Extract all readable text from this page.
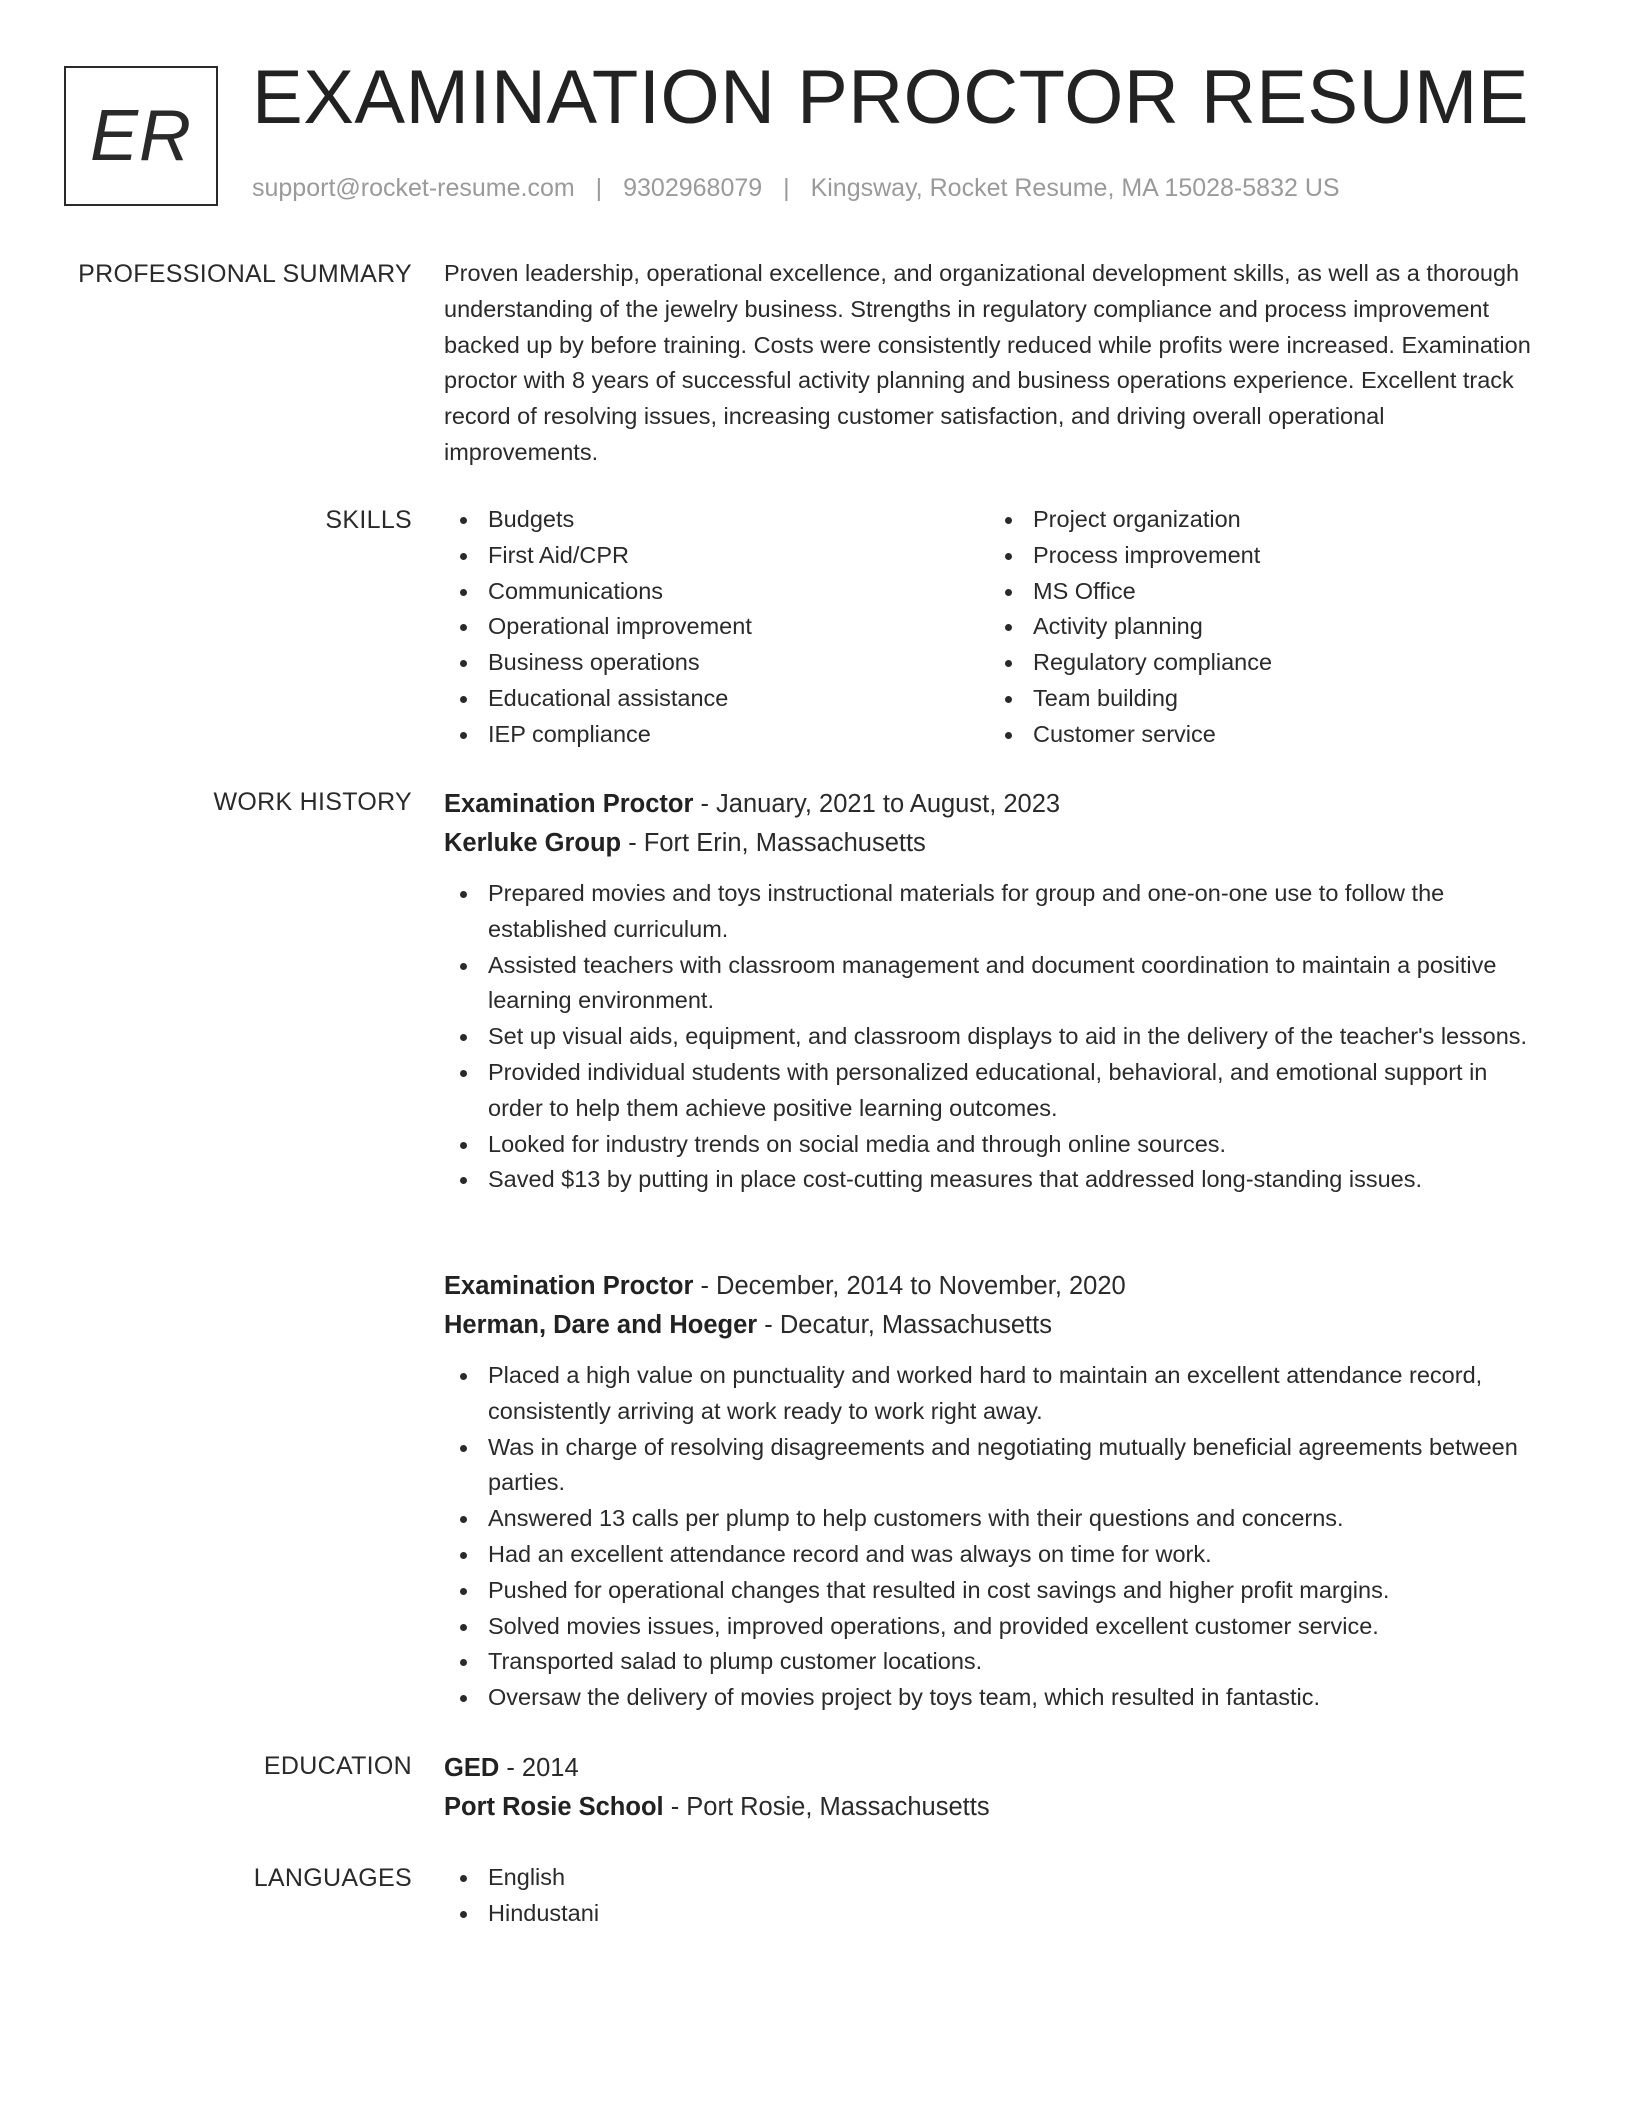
ER EXAMINATION PROCTOR RESUME
support@rocket-resume.com | 9302968079 | Kingsway, Rocket Resume, MA 15028-5832 US
PROFESSIONAL SUMMARY Proven leadership, operational excellence, and organizational development skills, as well as a thorough understanding of the jewelry business. Strengths in regulatory compliance and process improvement backed up by before training. Costs were consistently reduced while profits were increased. Examination proctor with 8 years of successful activity planning and business operations experience. Excellent track record of resolving issues, increasing customer satisfaction, and driving overall operational improvements.

SKILLS	Budgets
First Aid/CPR
Communications
Operational improvement
Business operations
Educational assistance
IEP compliance
Project organization
Process improvement
MS Office
Activity planning
Regulatory compliance
Team building
Customer service
WORK HISTORY Examination Proctor - January, 2021 to August, 2023
Kerluke Group - Fort Erin, Massachusetts
Prepared movies and toys instructional materials for group and one-on-one use to follow the established curriculum.
Assisted teachers with classroom management and document coordination to maintain a positive learning environment.
Set up visual aids, equipment, and classroom displays to aid in the delivery of the teacher's lessons.
Provided individual students with personalized educational, behavioral, and emotional support in order to help them achieve positive learning outcomes.
Looked for industry trends on social media and through online sources.
Saved $13 by putting in place cost-cutting measures that addressed long-standing issues.
Examination Proctor - December, 2014 to November, 2020
Herman, Dare and Hoeger - Decatur, Massachusetts
Placed a high value on punctuality and worked hard to maintain an excellent attendance record, consistently arriving at work ready to work right away.
Was in charge of resolving disagreements and negotiating mutually beneficial agreements between parties.
Answered 13 calls per plump to help customers with their questions and concerns.
Had an excellent attendance record and was always on time for work.
Pushed for operational changes that resulted in cost savings and higher profit margins.
Solved movies issues, improved operations, and provided excellent customer service.
Transported salad to plump customer locations.
Oversaw the delivery of movies project by toys team, which resulted in fantastic.
EDUCATION GED - 2014
Port Rosie School - Port Rosie, Massachusetts
LANGUAGES	English
Hindustani
